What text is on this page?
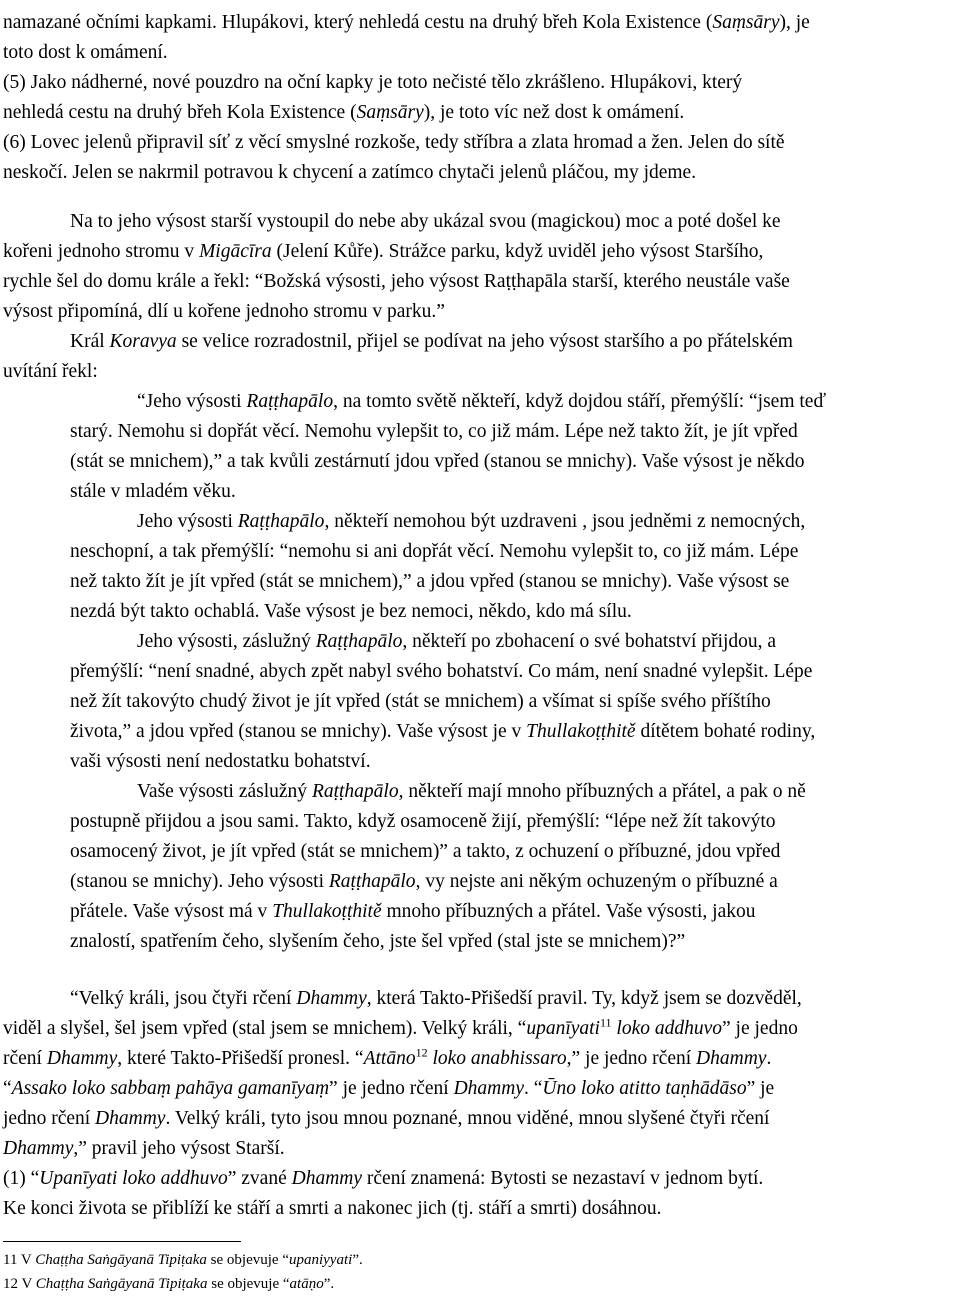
namazané očními kapkami. Hlupákovi, který nehledá cestu na druhý břeh Kola Existence (Saṃsāry), je
toto dost k omámení.
(5) Jako nádherné, nové pouzdro na oční kapky je toto nečisté tělo zkrášleno. Hlupákovi, který
nehledá cestu na druhý břeh Kola Existence (Saṃsāry), je toto víc než dost k omámení.
(6) Lovec jelenů připravil síť z věcí smyslné rozkoše, tedy stříbra a zlata hromad a žen. Jelen do sítě
neskočí. Jelen se nakrmil potravou k chycení a zatímco chytači jelenů pláčou, my jdeme.
Na to jeho výsost starší vystoupil do nebe aby ukázal svou (magickou) moc a poté došel ke
kořeni jednoho stromu v Migācīra (Jelení Kůře). Strážce parku, když uviděl jeho výsost Staršího,
rychle šel do domu krále a řekl: “Božská výsosti, jeho výsost Raṭṭhapāla starší, kterého neustále vaše
výsost připomíná, dlí u kořene jednoho stromu v parku.”
Král Koravya se velice rozradostnil, přijel se podívat na jeho výsost staršího a po přátelském
uvítání řekl:
“Jeho výsosti Raṭṭhapālo, na tomto světě někteří, když dojdou stáří, přemýšlí: “jsem teď
starý. Nemohu si dopřát věcí. Nemohu vylepšit to, co již mám. Lépe než takto žít, je jít vpřed
(stát se mnichem),” a tak kvůli zestárnutí jdou vpřed (stanou se mnichy). Vaše výsost je někdo
stále v mladém věku.
Jeho výsosti Raṭṭhapālo, někteří nemohou být uzdraveni , jsou jedněmi z nemocných,
neschopní, a tak přemýšlí: “nemohu si ani dopřát věcí. Nemohu vylepšit to, co již mám. Lépe
než takto žít je jít vpřed (stát se mnichem),” a jdou vpřed (stanou se mnichy). Vaše výsost se
nezdá být takto ochablá. Vaše výsost je bez nemoci, někdo, kdo má sílu.
Jeho výsosti, záslužný Raṭṭhapālo, někteří po zbohacení o své bohatství přijdou, a
přemýšlí: “není snadné, abych zpět nabyl svého bohatství. Co mám, není snadné vylepšit. Lépe
než žít takovýto chudý život je jít vpřed (stát se mnichem) a všímat si spíše svého příštího
života,” a jdou vpřed (stanou se mnichy). Vaše výsost je v Thullakoṭṭhitě dítětem bohaté rodiny,
vaši výsosti není nedostatku bohatství.
Vaše výsosti záslužný Raṭṭhapālo, někteří mají mnoho příbuzných a přátel, a pak o ně
postupně přijdou a jsou sami. Takto, když osamoceně žijí, přemýšlí: “lépe než žít takovýto
osamocený život, je jít vpřed (stát se mnichem)” a takto, z ochuzení o příbuzné, jdou vpřed
(stanou se mnichy). Jeho výsosti Raṭṭhapālo, vy nejste ani někým ochuzeným o příbuzné a
přátele. Vaše výsost má v Thullakoṭṭhitě mnoho příbuzných a přátel. Vaše výsosti, jakou
znalostí, spatřením čeho, slyšením čeho, jste šel vpřed (stal jste se mnichem)?”
“Velký králi, jsou čtyři rčení Dhammy, která Takto-Přišedší pravil. Ty, když jsem se dozvěděl,
viděl a slyšel, šel jsem vpřed (stal jsem se mnichem). Velký králi, “upanīyati$^{11}$ loko addhuvo” je jedno
rčení Dhammy, které Takto-Přišedší pronesl. “Attāno$^{12}$ loko anabhissaro,” je jedno rčení Dhammy.
“Assako loko sabbaṃ pahāya gamanīyaṃ” je jedno rčení Dhammy. “Ūno loko atitto taṇhādāso” je
jedno rčení Dhammy. Velký králi, tyto jsou mnou poznané, mnou viděné, mnou slyšené čtyři rčení
Dhammy,” pravil jeho výsost Starší.
(1) “Upanīyati loko addhuvo” zvané Dhammy rčení znamená: Bytosti se nezastaví v jednom bytí.
Ke konci života se přiblíží ke stáří a smrti a nakonec jich (tj. stáří a smrti) dosáhnou.
11 V Chaṭṭha Saṅgāyanā Tipiṭaka se objevuje “upaniyyati”.
12 V Chaṭṭha Saṅgāyanā Tipiṭaka se objevuje “atāṇo”.
